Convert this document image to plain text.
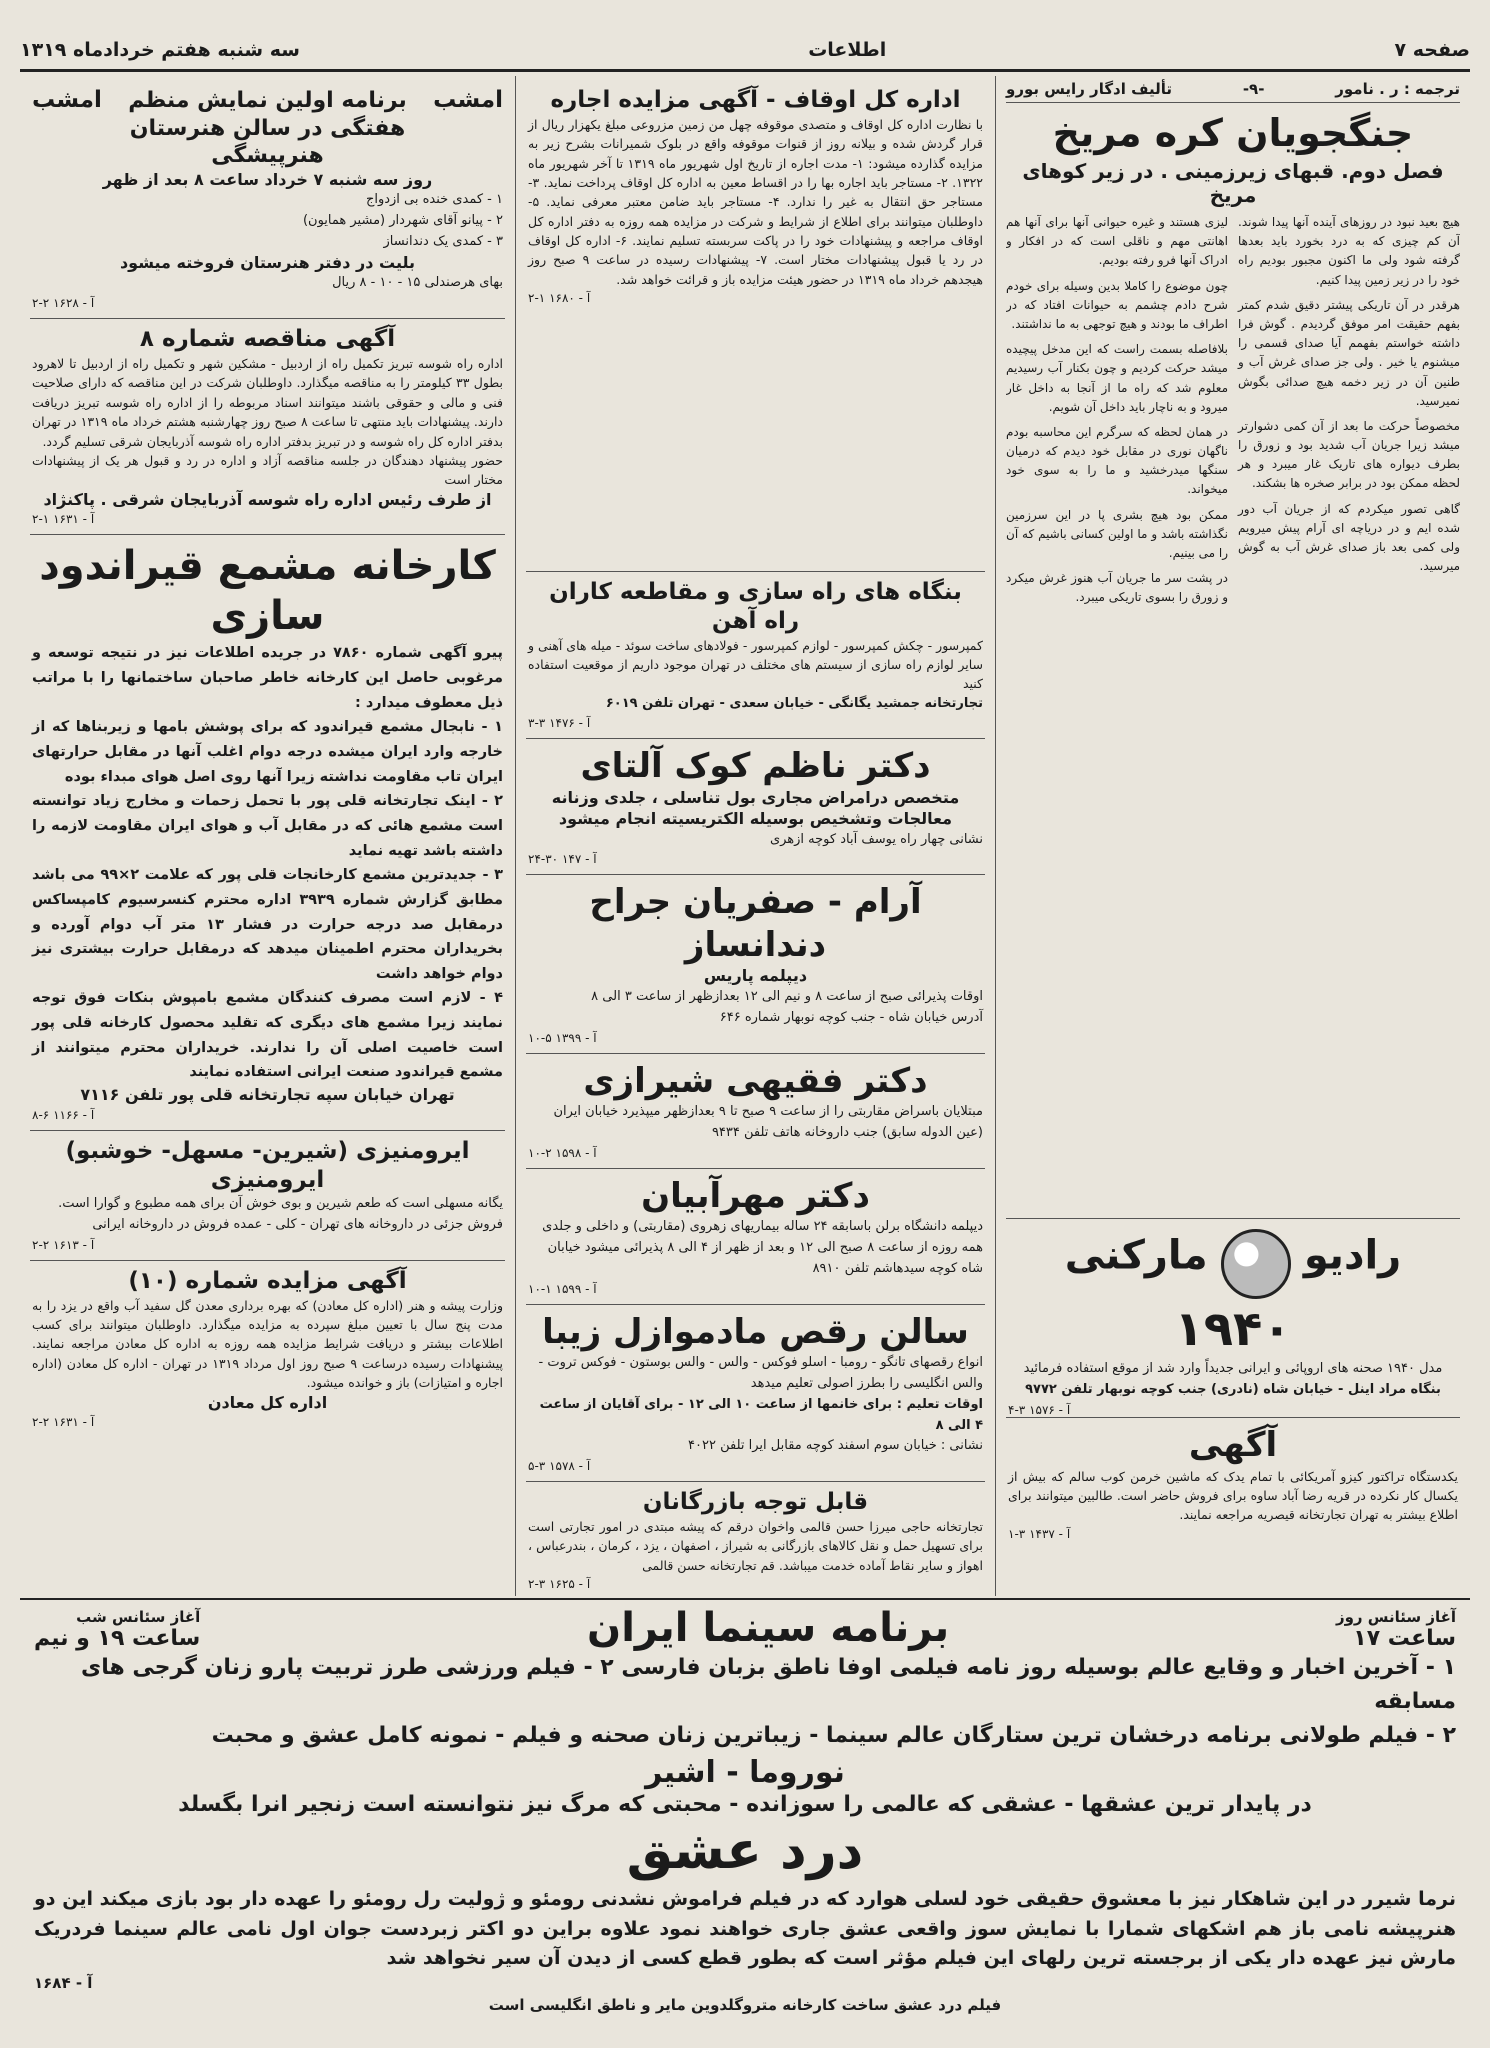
صفحه ۷
اطلاعات
سه شنبه هفتم خردادماه ۱۳۱۹
ترجمه : ر . نامور
-۹-
تألیف ادگار رایس بورو
جنگجویان کره مریخ
فصل دوم. قبهای زیرزمینی . در زیر کوهای مریخ

هیچ بعید نبود در روزهای آینده آنها پیدا شوند. آن کم چیزی که به درد بخورد باید بعدها گرفته شود ولی ما اکنون مجبور بودیم راه خود را در زیر زمین پیدا کنیم.

هرقدر در آن تاریکی پیشتر دقیق شدم کمتر بفهم حقیقت امر موفق گردیدم . گوش فرا داشته خواستم بفهمم آیا صدای قسمی را میشنوم یا خیر . ولی جز صدای غرش آب و طنین آن در زیر دخمه هیچ صدائی بگوش نمیرسید.

مخصوصاً حرکت ما بعد از آن کمی دشوارتر میشد زیرا جریان آب شدید بود و زورق را بطرف دیواره های تاریک غار میبرد و هر لحظه ممکن بود در برابر صخره ها بشکند.

گاهی تصور میکردم که از جریان آب دور شده ایم و در دریاچه ای آرام پیش میرویم ولی کمی بعد باز صدای غرش آب به گوش میرسید.

لیزی هستند و غیره حیوانی آنها برای آنها هم اهانتی مهم و ناقلی است که در افکار و ادراک آنها فرو رفته بودیم.

چون موضوع را کاملا بدین وسیله برای خودم شرح دادم چشمم به حیوانات افتاد که در اطراف ما بودند و هیچ توجهی به ما نداشتند.

بلافاصله بسمت راست که این مدخل پیچیده میشد حرکت کردیم و چون بکنار آب رسیدیم معلوم شد که راه ما از آنجا به داخل غار میرود و به ناچار باید داخل آن شویم.

در همان لحظه که سرگرم این محاسبه بودم ناگهان نوری در مقابل خود دیدم که درمیان سنگها میدرخشید و ما را به سوی خود میخواند.

ممکن بود هیچ بشری پا در این سرزمین نگذاشته باشد و ما اولین کسانی باشیم که آن را می بینیم.

در پشت سر ما جریان آب هنوز غرش میکرد و زورق را بسوی تاریکی میبرد.

رادیو  مارکنی
۱۹۴۰
مدل ۱۹۴۰ صحنه های اروپائی و ایرانی جدیداً وارد شد از موقع استفاده فرمائید
بنگاه مراد اینل - خیابان شاه (نادری) جنب کوچه نوبهار تلفن ۹۷۷۲
آ - ۱۵۷۶ ۳-۴
آگهی
یکدستگاه تراکتور کیزو آمریکائی با تمام یدک که ماشین خرمن کوب سالم که بیش از یکسال کار نکرده در قریه رضا آباد ساوه برای فروش حاضر است. طالبین میتوانند برای اطلاع بیشتر به تهران تجارتخانه قیصریه مراجعه نمایند.
آ - ۱۴۳۷ ۳-۱
اداره کل اوقاف - آگهی مزایده اجاره
با نظارت اداره کل اوقاف و متصدی موقوفه چهل من زمین مزروعی مبلغ یکهزار ریال از قرار گردش شده و بیلانه روز از قنوات موقوفه واقع در بلوک شمیرانات بشرح زیر به مزایده گذارده میشود: ۱- مدت اجاره از تاریخ اول شهریور ماه ۱۳۱۹ تا آخر شهریور ماه ۱۳۲۲. ۲- مستاجر باید اجاره بها را در اقساط معین به اداره کل اوقاف پرداخت نماید. ۳- مستاجر حق انتقال به غیر را ندارد. ۴- مستاجر باید ضامن معتبر معرفی نماید. ۵- داوطلبان میتوانند برای اطلاع از شرایط و شرکت در مزایده همه روزه به دفتر اداره کل اوقاف مراجعه و پیشنهادات خود را در پاکت سربسته تسلیم نمایند. ۶- اداره کل اوقاف در رد یا قبول پیشنهادات مختار است. ۷- پیشنهادات رسیده در ساعت ۹ صبح روز هیجدهم خرداد ماه ۱۳۱۹ در حضور هیئت مزایده باز و قرائت خواهد شد.
آ - ۱۶۸۰ ۱-۲
بنگاه های راه سازی و مقاطعه کاران راه آهن
کمپرسور - چکش کمپرسور - لوازم کمپرسور - فولادهای ساخت سوئد - میله های آهنی و سایر لوازم راه سازی از سیستم های مختلف در تهران موجود داریم از موقعیت استفاده کنید
تجارتخانه جمشید یگانگی - خیابان سعدی - تهران تلفن ۶۰۱۹
آ - ۱۴۷۶ ۳-۳
دکتر ناظم کوک آلتای
متخصص درامراض مجاری بول تناسلی ، جلدی وزنانه
معالجات وتشخیص بوسیله الکتریسیته انجام میشود
نشانی چهار راه یوسف آباد کوچه ازهری
آ - ۱۴۷ ۳۰-۲۴
آرام - صفریان جراح دندانساز
دیپلمه پاریس
اوقات پذیرائی صبح از ساعت ۸ و نیم الی ۱۲ بعدازظهر از ساعت ۳ الی ۸
آدرس خیابان شاه - جنب کوچه نوبهار شماره ۶۴۶
آ - ۱۳۹۹ ۵-۱۰
دکتر فقیهی شیرازی
مبتلایان باسراض مقاربتی را از ساعت ۹ صبح تا ۹ بعدازظهر میپذیرد خیابان ایران (عین الدوله سابق) جنب داروخانه هاتف تلفن ۹۴۳۴
آ - ۱۵۹۸ ۲-۱۰
دکتر مهرآبیان
دیپلمه دانشگاه برلن باسابقه ۲۴ ساله بیماریهای زهروی (مقاربتی) و داخلی و جلدی همه روزه از ساعت ۸ صبح الی ۱۲ و بعد از ظهر از ۴ الی ۸ پذیرائی میشود خیابان شاه کوچه سیدهاشم تلفن ۸۹۱۰
آ - ۱۵۹۹ ۱-۱۰
سالن رقص مادموازل زیبا
انواع رقصهای تانگو - رومبا - اسلو فوکس - والس - والس بوستون - فوکس تروت - والس انگلیسی را بطرز اصولی تعلیم میدهد
اوقات تعلیم : برای خانمها از ساعت ۱۰ الی ۱۲ - برای آقایان از ساعت ۴ الی ۸
نشانی : خیابان سوم اسفند کوچه مقابل ایرا تلفن ۴۰۲۲
آ - ۱۵۷۸ ۳-۵
قابل توجه بازرگانان
تجارتخانه حاجی میرزا حسن قالمی واخوان درقم که پیشه مبتدی در امور تجارتی است برای تسهیل حمل و نقل کالاهای بازرگانی به شیراز ، اصفهان ، یزد ، کرمان ، بندرعباس ، اهواز و سایر نقاط آماده خدمت میباشد. قم تجارتخانه حسن قالمی
آ - ۱۶۲۵ ۳-۲
امشب
برنامه اولین نمایش منظم هفتگی در سالن هنرستان هنرپیشگی
امشب
روز سه شنبه ۷ خرداد ساعت ۸ بعد از ظهر
۱ - کمدی خنده بی ازدواج
۲ - پیانو آقای شهردار (مشیر همایون)
۳ - کمدی یک دندانساز
بلیت در دفتر هنرستان فروخته میشود
بهای هرصندلی ۱۵ - ۱۰ - ۸ ریال
آ - ۱۶۲۸ ۲-۲
آگهی مناقصه شماره ۸
اداره راه شوسه تبریز تکمیل راه از اردبیل - مشکین شهر و تکمیل راه از اردبیل تا لاهرود بطول ۳۳ کیلومتر را به مناقصه میگذارد. داوطلبان شرکت در این مناقصه که دارای صلاحیت فنی و مالی و حقوقی باشند میتوانند اسناد مربوطه را از اداره راه شوسه تبریز دریافت دارند. پیشنهادات باید منتهی تا ساعت ۸ صبح روز چهارشنبه هشتم خرداد ماه ۱۳۱۹ در تهران بدفتر اداره کل راه شوسه و در تبریز بدفتر اداره راه شوسه آذربایجان شرقی تسلیم گردد.
حضور پیشنهاد دهندگان در جلسه مناقصه آزاد و اداره در رد و قبول هر یک از پیشنهادات مختار است
از طرف رئیس اداره راه شوسه آذربایجان شرقی . پاکنژاد
آ - ۱۶۳۱ ۱-۲
کارخانه مشمع قیراندود سازی
پیرو آگهی شماره ۷۸۶۰ در جریده اطلاعات نیز در نتیجه توسعه و مرغوبی حاصل این کارخانه خاطر صاحبان ساختمانها را با مراتب ذیل معطوف میدارد :
۱ - نابجال مشمع قیراندود که برای پوشش بامها و زیربناها که از خارجه وارد ایران میشده درجه دوام اغلب آنها در مقابل حرارتهای ایران تاب مقاومت نداشته زیرا آنها روی اصل هوای مبداء بوده
۲ - اینک تجارتخانه قلی پور با تحمل زحمات و مخارج زیاد توانسته است مشمع هائی که در مقابل آب و هوای ایران مقاومت لازمه را داشته باشد تهیه نماید
۳ - جدیدترین مشمع کارخانجات قلی پور که علامت ۲×۹۹ می باشد مطابق گزارش شماره ۳۹۳۹ اداره محترم کنسرسیوم کامپساکس درمقابل صد درجه حرارت در فشار ۱۳ متر آب دوام آورده و بخریداران محترم اطمینان میدهد که درمقابل حرارت بیشتری نیز دوام خواهد داشت
۴ - لازم است مصرف کنندگان مشمع بامپوش بنکات فوق توجه نمایند زیرا مشمع های دیگری که تقلید محصول کارخانه قلی پور است خاصیت اصلی آن را ندارند. خریداران محترم میتوانند از مشمع قیراندود صنعت ایرانی استفاده نمایند
تهران خیابان سپه تجارتخانه قلی پور تلفن ۷۱۱۶
آ - ۱۱۶۶ ۶-۸
ایرومنیزی (شیرین- مسهل- خوشبو) ایرومنیزی
یگانه مسهلی است که طعم شیرین و بوی خوش آن برای همه مطبوع و گوارا است. فروش جزئی در داروخانه های تهران - کلی - عمده فروش در داروخانه ایرانی
آ - ۱۶۱۳ ۲-۲
آگهی مزایده شماره (۱۰)
وزارت پیشه و هنر (اداره کل معادن) که بهره برداری معدن گل سفید آب واقع در یزد را به مدت پنج سال با تعیین مبلغ سپرده به مزایده میگذارد. داوطلبان میتوانند برای کسب اطلاعات بیشتر و دریافت شرایط مزایده همه روزه به اداره کل معادن مراجعه نمایند. پیشنهادات رسیده درساعت ۹ صبح روز اول مرداد ۱۳۱۹ در تهران - اداره کل معادن (اداره اجاره و امتیازات) باز و خوانده میشود.
اداره کل معادن
آ - ۱۶۳۱ ۲-۲
آغاز سئانس روز
ساعت ۱۷
برنامه سینما ایران
آغاز سئانس شب
ساعت ۱۹ و نیم
۱ - آخرین اخبار و وقایع عالم بوسیله روز نامه فیلمی اوفا ناطق بزبان فارسی ۲ - فیلم ورزشی طرز تربیت پارو زنان گرجی های مسابقه
۲ - فیلم طولانی برنامه درخشان ترین ستارگان عالم سینما - زیباترین زنان صحنه و فیلم - نمونه کامل عشق و محبت
نوروما - اشیر
در پایدار ترین عشقها - عشقی که عالمی را سوزانده - محبتی که مرگ نیز نتوانسته است زنجیر انرا بگسلد
درد عشق
نرما شیرر در این شاهکار نیز با معشوق حقیقی خود لسلی هوارد که در فیلم فراموش نشدنی رومئو و ژولیت رل رومئو را عهده دار بود بازی میکند این دو هنرپیشه نامی باز هم اشکهای شمارا با نمایش سوز واقعی عشق جاری خواهند نمود علاوه براین دو اکتر زبردست جوان اول نامی عالم سینما فردریک مارش نیز عهده دار یکی از برجسته ترین رلهای این فیلم مؤثر است که بطور قطع کسی از دیدن آن سیر نخواهد شد
آ - ۱۶۸۴
فیلم درد عشق ساخت کارخانه متروگلدوین مایر و ناطق انگلیسی است
